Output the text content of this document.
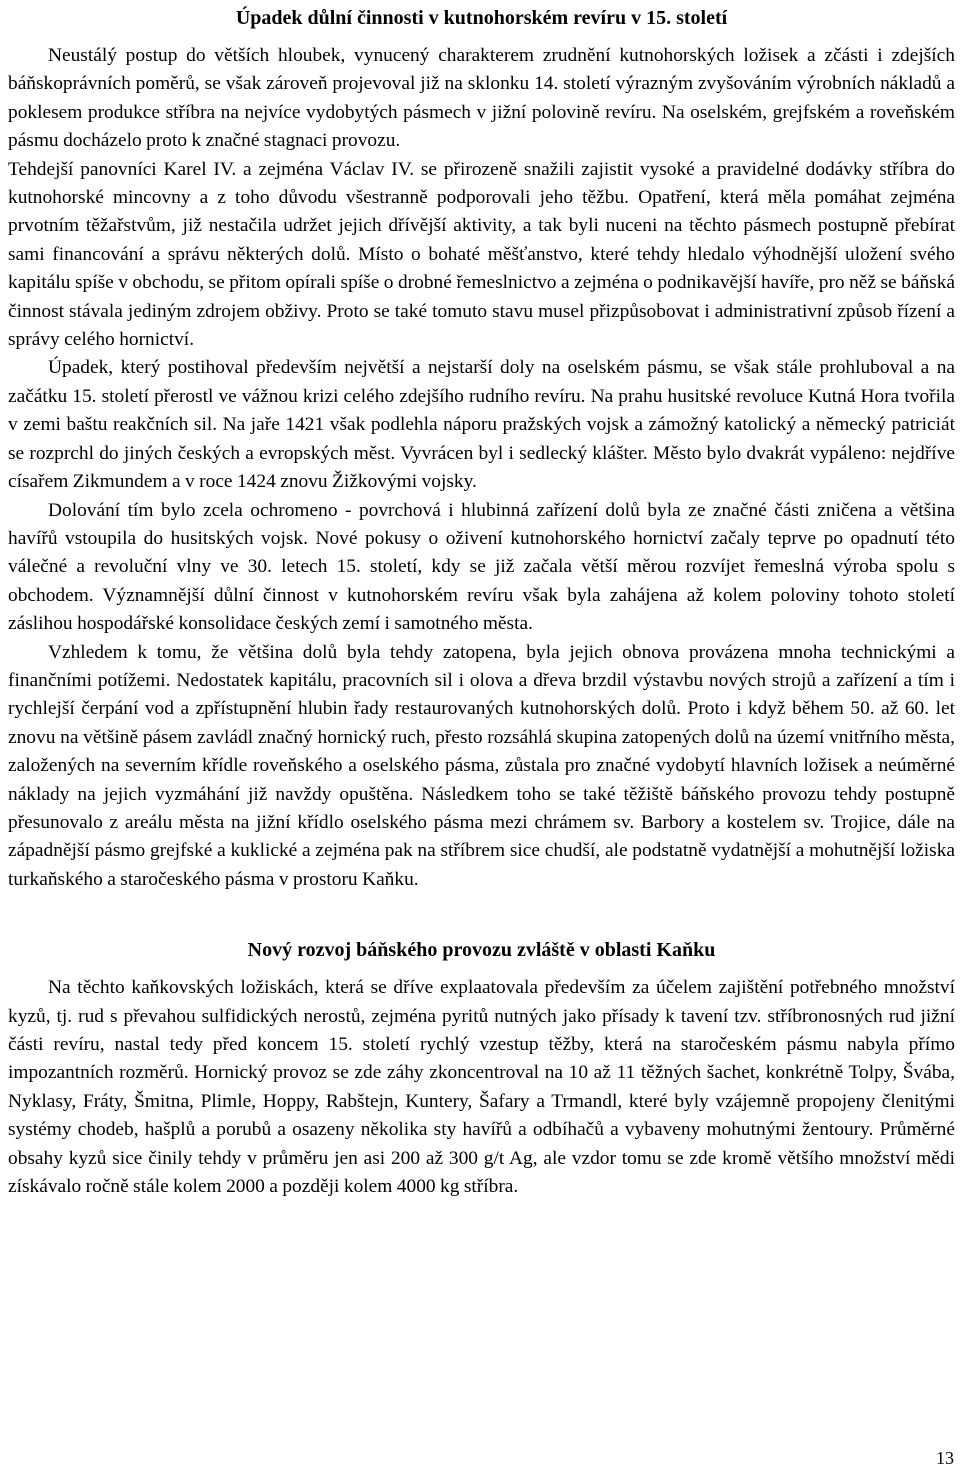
Úpadek důlní činnosti v kutnohorském revíru v 15. století

Neustálý postup do větších hloubek, vynucený charakterem zrudnění kutnohorských ložisek a zčásti i zdejších báňskoprávních poměrů, se však zároveň projevoval již na sklonku 14. století výrazným zvyšováním výrobních nákladů a poklesem produkce stříbra na nejvíce vydobytých pásmech v jižní polovině revíru. Na oselském, grejfském a roveňském pásmu docházelo proto k značné stagnaci provozu.

Tehdejší panovníci Karel IV. a zejména Václav IV. se přirozeně snažili zajistit vysoké a pravidelné dodávky stříbra do kutnohorské mincovny a z toho důvodu všestranně podporovali jeho těžbu. Opatření, která měla pomáhat zejména prvotním těžařstvům, již nestačila udržet jejich dřívější aktivity, a tak byli nuceni na těchto pásmech postupně přebírat sami financování a správu některých dolů. Místo o bohaté měšťanstvo, které tehdy hledalo výhodnější uložení svého kapitálu spíše v obchodu, se přitom opírali spíše o drobné řemeslnictvo a zejména o podnikavější havíře, pro něž se báňská činnost stávala jediným zdrojem obživy. Proto se také tomuto stavu musel přizpůsobovat i administrativní způsob řízení a správy celého hornictví.

Úpadek, který postihoval především největší a nejstarší doly na oselském pásmu, se však stále prohluboval a na začátku 15. století přerostl ve vážnou krizi celého zdejšího rudního revíru. Na prahu husitské revoluce Kutná Hora tvořila v zemi baštu reakčních sil. Na jaře 1421 však podlehla náporu pražských vojsk a zámožný katolický a německý patriciát se rozprchl do jiných českých a evropských měst. Vyvrácen byl i sedlecký klášter. Město bylo dvakrát vypáleno: nejdříve císařem Zikmundem a v roce 1424 znovu Žižkovými vojsky.

Dolování tím bylo zcela ochromeno - povrchová i hlubinná zařízení dolů byla ze značné části zničena a většina havířů vstoupila do husitských vojsk. Nové pokusy o oživení kutnohorského hornictví začaly teprve po opadnutí této válečné a revoluční vlny ve 30. letech 15. století, kdy se již začala větší měrou rozvíjet řemeslná výroba spolu s obchodem. Významnější důlní činnost v kutnohorském revíru však byla zahájena až kolem poloviny tohoto století záslihou hospodářské konsolidace českých zemí i samotného města.

Vzhledem k tomu, že většina dolů byla tehdy zatopena, byla jejich obnova provázena mnoha technickými a finančními potížemi. Nedostatek kapitálu, pracovních sil i olova a dřeva brzdil výstavbu nových strojů a zařízení a tím i rychlejší čerpání vod a zpřístupnění hlubin řady restaurovaných kutnohorských dolů. Proto i když během 50. až 60. let znovu na většině pásem zavládl značný hornický ruch, přesto rozsáhlá skupina zatopených dolů na území vnitřního města, založených na severním křídle roveňského a oselského pásma, zůstala pro značné vydobytí hlavních ložisek a neúměrné náklady na jejich vyzmáhání již navždy opuštěna. Následkem toho se také těžiště báňského provozu tehdy postupně přesunovalo z areálu města na jižní křídlo oselského pásma mezi chrámem sv. Barbory a kostelem sv. Trojice, dále na západnější pásmo grejfské a kuklické a zejména pak na stříbrem sice chudší, ale podstatně vydatnější a mohutnější ložiska turkaňského a staročeského pásma v prostoru Kaňku.

Nový rozvoj báňského provozu zvláště v oblasti Kaňku

Na těchto kaňkovských ložiskách, která se dříve explaatovala především za účelem zajištění potřebného množství kyzů, tj. rud s převahou sulfidických nerostů, zejména pyritů nutných jako přísady k tavení tzv. stříbronosných rud jižní části revíru, nastal tedy před koncem 15. století rychlý vzestup těžby, která na staročeském pásmu nabyla přímo impozantních rozměrů. Hornický provoz se zde záhy zkoncentroval na 10 až 11 těžných šachet, konkrétně Tolpy, Švába, Nyklasy, Fráty, Šmitna, Plimle, Hoppy, Rabštejn, Kuntery, Šafary a Trmandl, které byly vzájemně propojeny členitými systémy chodeb, hašplů a porubů a osazeny několika sty havířů a odbíhačů a vybaveny mohutnými žentoury. Průměrné obsahy kyzů sice činily tehdy v průměru jen asi 200 až 300 g/t Ag, ale vzdor tomu se zde kromě většího množství mědi získávalo ročně stále kolem 2000 a později kolem 4000 kg stříbra.

13
